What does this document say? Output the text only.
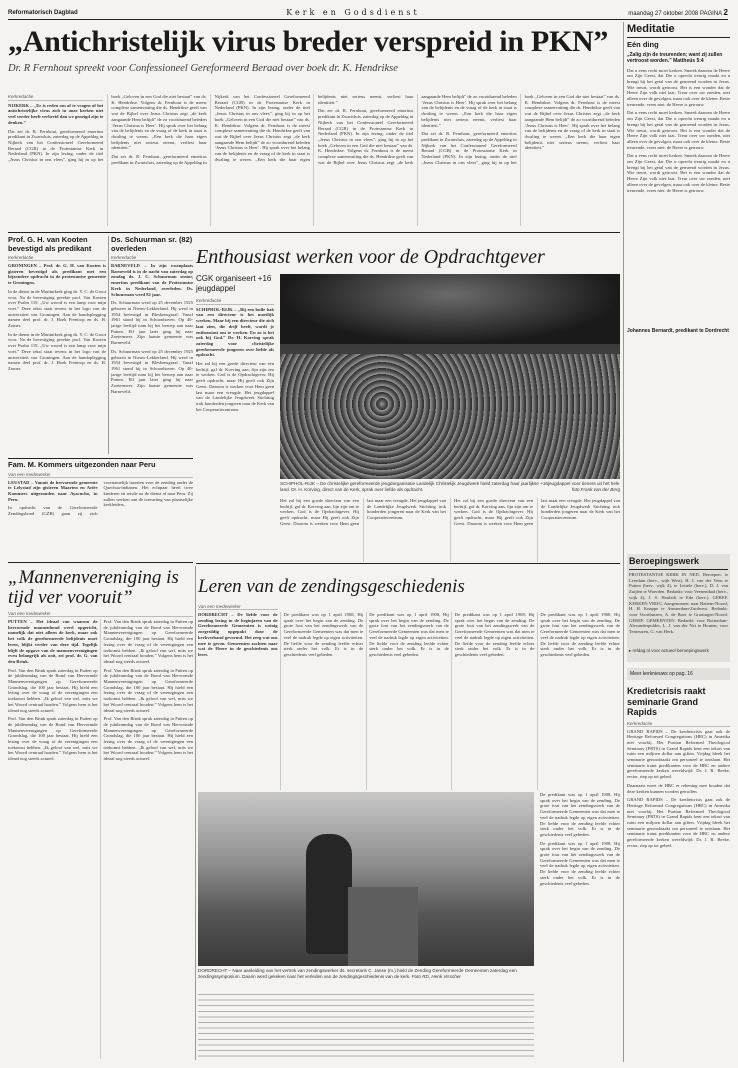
Reformatorisch Dagblad	Kerk en Godsdienst	maandag 27 oktober 2008 PAGINA 2
„Antichristelijk virus breder verspreid in PKN”
Dr. R Fernhout spreekt voor Confessioneel Gereformeerd Beraad over boek dr. K. Hendrikse
Kerkredactie

NIJKERK – „Er is reden om af te vragen of het antichristelijke virus zich in onze kerken niet veel verder heeft verbreid dan we geneigd zijn te denken.”

Dat zei dr. R. Fernhout, gereformeerd emeritus predikant in Zwartsluis, zaterdag op de Appeldag in Nijkerk van het Confessioneel Gereformeerd Beraad (CGB) in de Protestantse Kerk in Nederland (PKN). In zijn lezing, onder de titel „Jezus Christus in ons vlees”, ging hij in op het boek „Geloven in een God die niet bestaat” van ds. K. Hendrikse. Volgens dr. Fernhout is de meest complexe samenvatting die ds. Hendrikse geeft van wat de Bijbel over Jezus Christus zegt „de kerk aangaande Hem belijdt” de zo voortdurend beleden ‘Jezus Christus is Heer’. Hij sprak over het belang van de belijdenis en de vraag of de kerk in staat is dwaling te weren. „Een kerk die haar eigen belijdenis niet serieus neemt, verliest haar identiteit.”

Dat zei dr. R. Fernhout, gereformeerd emeritus predikant in Zwartsluis, zaterdag op de Appeldag in Nijkerk van het Confessioneel Gereformeerd Beraad (CGB) in de Protestantse Kerk in Nederland (PKN). In zijn lezing, onder de titel „Jezus Christus in ons vlees”, ging hij in op het boek „Geloven in een God die niet bestaat” van ds. K. Hendrikse. Volgens dr. Fernhout is de meest complexe samenvatting die ds. Hendrikse geeft van wat de Bijbel over Jezus Christus zegt „de kerk aangaande Hem belijdt” de zo voortdurend beleden ‘Jezus Christus is Heer’. Hij sprak over het belang van de belijdenis en de vraag of de kerk in staat is dwaling te weren. „Een kerk die haar eigen belijdenis niet serieus neemt, verliest haar identiteit.”

Dat zei dr. R. Fernhout, gereformeerd emeritus predikant in Zwartsluis, zaterdag op de Appeldag in Nijkerk van het Confessioneel Gereformeerd Beraad (CGB) in de Protestantse Kerk in Nederland (PKN). In zijn lezing, onder de titel „Jezus Christus in ons vlees”, ging hij in op het boek „Geloven in een God die niet bestaat” van ds. K. Hendrikse. Volgens dr. Fernhout is de meest complexe samenvatting die ds. Hendrikse geeft van wat de Bijbel over Jezus Christus zegt „de kerk aangaande Hem belijdt” de zo voortdurend beleden ‘Jezus Christus is Heer’. Hij sprak over het belang van de belijdenis en de vraag of de kerk in staat is dwaling te weren. „Een kerk die haar eigen belijdenis niet serieus neemt, verliest haar identiteit.”

Dat zei dr. R. Fernhout, gereformeerd emeritus predikant in Zwartsluis, zaterdag op de Appeldag in Nijkerk van het Confessioneel Gereformeerd Beraad (CGB) in de Protestantse Kerk in Nederland (PKN). In zijn lezing, onder de titel „Jezus Christus in ons vlees”, ging hij in op het boek „Geloven in een God die niet bestaat” van ds. K. Hendrikse. Volgens dr. Fernhout is de meest complexe samenvatting die ds. Hendrikse geeft van wat de Bijbel over Jezus Christus zegt „de kerk aangaande Hem belijdt” de zo voortdurend beleden ‘Jezus Christus is Heer’. Hij sprak over het belang van de belijdenis en de vraag of de kerk in staat is dwaling te weren. „Een kerk die haar eigen belijdenis niet serieus neemt, verliest haar identiteit.”

Prof. G. H. van Kooten bevestigd als predikant
Kerkredactie

GRONINGEN – Prof. dr. G. H. van Kooten is gisteren bevestigd als predikant met een bijzondere opdracht in de protestantse gemeente te Groningen.

In de dienst in de Martinikerk ging ds. Y. C. de Groot voor. Na de bevestiging preekte prof. Van Kooten over Psalm 119. „Uw woord is een lamp voor mijn voet.” Deze tekst staat tevens in het logo van de universiteit van Groningen. Aan de handoplegging namen deel prof. dr. J. Hoek Frentrop en ds. H. Zomer.

In de dienst in de Martinikerk ging ds. Y. C. de Groot voor. Na de bevestiging preekte prof. Van Kooten over Psalm 119. „Uw woord is een lamp voor mijn voet.” Deze tekst staat tevens in het logo van de universiteit van Groningen. Aan de handoplegging namen deel prof. dr. J. Hoek Frentrop en ds. H. Zomer.

Ds. Schuurman sr. (82) overleden
Kerkredactie

BARNEVELD – In zijn woonplaats Barneveld is in de nacht van zaterdag op zondag ds. J. C. Schuurman senior, emeritus predikant van de Protestantse Kerk in Nederland, overleden. Ds. Schuurman werd 82 jaar.

Ds. Schuurman werd op 25 december 1925 geboren in Nieuw-Lekkerland. Hij werd in 1954 bevestigd in Bleskensgraaf. Vanaf 1961 stond hij in Schoonhoven. Op 40-jarige leeftijd nam hij het beroep aan naar Putten. Elf jaar later ging hij naar Zoetermeer. Zijn laatste gemeente was Barneveld.

Ds. Schuurman werd op 25 december 1925 geboren in Nieuw-Lekkerland. Hij werd in 1954 bevestigd in Bleskensgraaf. Vanaf 1961 stond hij in Schoonhoven. Op 40-jarige leeftijd nam hij het beroep aan naar Putten. Elf jaar later ging hij naar Zoetermeer. Zijn laatste gemeente was Barneveld.

Fam. M. Kommers uitgezonden naar Peru
Van een medewerker

LEUSTAD – Vanuit de hervormde gemeente te Lelystad zijn gisteren Maarten en Ariëe Kommers uitgezonden naar Ayacucho, in Peru.

In opdracht van de Gereformeerde Zendingsbond (GZB) gaan zij zich voornamelijk inzetten voor de zending onder de Quechua-indianen. Het echtpaar heeft twee kinderen en reisde na de dienst af naar Peru. Zij zullen werken aan de toerusting van plaatselijke kerkleiders.

Enthousiast werken voor de Opdrachtgever
CGK organiseert +16 jeugdappel
Kerkredactie

SCHIPHOL-RIJK – „Bij een bulle bak van een directeur is het moeilijk werken. Maar bij een directeur die zich laat zien, die drijf heeft, wordt je enthousiast om te werken. En zo is het ook bij God.” Dr. H. Korving sprak zaterdag voor christelijke gereformeerde jongeren over liefde als opdracht.

Het zal bij een goede directeur van een bedrijf, gaf dr. Korving aan, fijn zijn om te werken. God is de Opdrachtgever. Hij geeft opdracht, maar Hij geeft ook Zijn Geest. Daarom is werken voor Hem geen last maar een vreugde. Het jeugdappel van de Landelijke Jeugdwerk Stichting trok honderden jongeren naar de Kerk van het Cooperatiecentrum.

SCHIPHOL-RIJK – De christelijke gereformeerde jeugdorganisatie Landelijk Christelijk Jeugdwerk hield zaterdag haar jaarlijkse +16jeugdappel voor tieners uit het hele land. Dr. H. Korving, direct van de Kerk, sprak over liefde als opdracht.	foto Frank van der Berg

Het zal bij een goede directeur van een bedrijf, gaf dr. Korving aan, fijn zijn om te werken. God is de Opdrachtgever. Hij geeft opdracht, maar Hij geeft ook Zijn Geest. Daarom is werken voor Hem geen last maar een vreugde. Het jeugdappel van de Landelijke Jeugdwerk Stichting trok honderden jongeren naar de Kerk van het Cooperatiecentrum.

Het zal bij een goede directeur van een bedrijf, gaf dr. Korving aan, fijn zijn om te werken. God is de Opdrachtgever. Hij geeft opdracht, maar Hij geeft ook Zijn Geest. Daarom is werken voor Hem geen last maar een vreugde. Het jeugdappel van de Landelijke Jeugdwerk Stichting trok honderden jongeren naar de Kerk van het Cooperatiecentrum.

„Mannenvereniging is tijd ver vooruit”
Van een medewerker

PUTTEN – Het ideaal van waarom de hervormde mannenbond werd opgericht, namelijk dat niet alleen de kerk, maar ook het volk de gereformeerde belijdenis moet leren, blijkt verder van deze tijd. Tegelijk blijft de opgave van de mannenverenigingen even belangrijk als ooit, zei prof. dr. G. van den Brink.

Prof. Van den Brink sprak zaterdag in Putten op de jubileumdag van de Bond van Hervormde Mannenverenigingen op Gereformeerde Grondslag, die 100 jaar bestaat. Hij hield een lezing over de vraag of de verenigingen een toekomst hebben. „Ik geloof van wel, mits we het Woord centraal houden.” Volgens hem is het ideaal nog steeds actueel.

Prof. Van den Brink sprak zaterdag in Putten op de jubileumdag van de Bond van Hervormde Mannenverenigingen op Gereformeerde Grondslag, die 100 jaar bestaat. Hij hield een lezing over de vraag of de verenigingen een toekomst hebben. „Ik geloof van wel, mits we het Woord centraal houden.” Volgens hem is het ideaal nog steeds actueel.

Prof. Van den Brink sprak zaterdag in Putten op de jubileumdag van de Bond van Hervormde Mannenverenigingen op Gereformeerde Grondslag, die 100 jaar bestaat. Hij hield een lezing over de vraag of de verenigingen een toekomst hebben. „Ik geloof van wel, mits we het Woord centraal houden.” Volgens hem is het ideaal nog steeds actueel.

Prof. Van den Brink sprak zaterdag in Putten op de jubileumdag van de Bond van Hervormde Mannenverenigingen op Gereformeerde Grondslag, die 100 jaar bestaat. Hij hield een lezing over de vraag of de verenigingen een toekomst hebben. „Ik geloof van wel, mits we het Woord centraal houden.” Volgens hem is het ideaal nog steeds actueel.

Prof. Van den Brink sprak zaterdag in Putten op de jubileumdag van de Bond van Hervormde Mannenverenigingen op Gereformeerde Grondslag, die 100 jaar bestaat. Hij hield een lezing over de vraag of de verenigingen een toekomst hebben. „Ik geloof van wel, mits we het Woord centraal houden.” Volgens hem is het ideaal nog steeds actueel.

Leren van de zendingsgeschiedenis
Van een medewerker

DORDRECHT – De liefde voor de zending lezing in de beginjaren van de Gereformeerde Gemeenten is weinig zorgvuldig opgepakt door de kerkverband gevormd. Het zeeg wat ons mee te geven. Gemeenten zochten naar wat de Heere in de geschiedenis ons leert.

De predikant was op 1 april 1908, Hij sprak over het begin van de zending. De grote fout van het zendingswerk van de Gereformeerde Gemeenten was dat men te veel de nadruk legde op eigen activiteiten. De liefde voor de zending leefde echter sterk onder het volk. Er is in de geschiedenis veel gebeden.

De predikant was op 1 april 1908, Hij sprak over het begin van de zending. De grote fout van het zendingswerk van de Gereformeerde Gemeenten was dat men te veel de nadruk legde op eigen activiteiten. De liefde voor de zending leefde echter sterk onder het volk. Er is in de geschiedenis veel gebeden.

De predikant was op 1 april 1908, Hij sprak over het begin van de zending. De grote fout van het zendingswerk van de Gereformeerde Gemeenten was dat men te veel de nadruk legde op eigen activiteiten. De liefde voor de zending leefde echter sterk onder het volk. Er is in de geschiedenis veel gebeden.

De predikant was op 1 april 1908, Hij sprak over het begin van de zending. De grote fout van het zendingswerk van de Gereformeerde Gemeenten was dat men te veel de nadruk legde op eigen activiteiten. De liefde voor de zending leefde echter sterk onder het volk. Er is in de geschiedenis veel gebeden.

De predikant was op 1 april 1908, Hij sprak over het begin van de zending. De grote fout van het zendingswerk van de Gereformeerde Gemeenten was dat men te veel de nadruk legde op eigen activiteiten. De liefde voor de zending leefde echter sterk onder het volk. Er is in de geschiedenis veel gebeden.

De predikant was op 1 april 1908, Hij sprak over het begin van de zending. De grote fout van het zendingswerk van de Gereformeerde Gemeenten was dat men te veel de nadruk legde op eigen activiteiten. De liefde voor de zending leefde echter sterk onder het volk. Er is in de geschiedenis veel gebeden.

DORDRECHT – Naar aanleiding van het vertrek van zendingswerker ds. secretaris C. Janse (m.) hield de Zending Gereformeerde Gemeenten zaterdag een zendingssymposium. Daarin werd gekeken naar het verleden van de zendingsgeschiedenis van de kerk. Foto RD, Henk Visscher
Meditatie
Eén ding
„Zalig zijn de treurenden; want zij zullen vertroost worden.” Mattheüs 5:4

Dat u eens recht moet kerken. Smeek daarom de Heere om Zijn Geest, dat Die u oprecht treurig maakt en u brengt bij het getal van de gemeend worden in Jezus. Wie treurt, wordt getroost. Het is een wonder dat de Heere Zijn volk niet laat. Treur over uw zonden, niet alleen over de gevolgen, maar ook over de kleine. Beste treurende, vrees niet: de Heere is getrouw.

Dat u eens recht moet kerken. Smeek daarom de Heere om Zijn Geest, dat Die u oprecht treurig maakt en u brengt bij het getal van de gemeend worden in Jezus. Wie treurt, wordt getroost. Het is een wonder dat de Heere Zijn volk niet laat. Treur over uw zonden, niet alleen over de gevolgen, maar ook over de kleine. Beste treurende, vrees niet: de Heere is getrouw.

Dat u eens recht moet kerken. Smeek daarom de Heere om Zijn Geest, dat Die u oprecht treurig maakt en u brengt bij het getal van de gemeend worden in Jezus. Wie treurt, wordt getroost. Het is een wonder dat de Heere Zijn volk niet laat. Treur over uw zonden, niet alleen over de gevolgen, maar ook over de kleine. Beste treurende, vrees niet: de Heere is getrouw.

Johannes Bernardt, predikant te Dordrecht
Beroepingswerk

PROTESTANTSE KERK IN NED. Beroepen: te Leerdam (herv., wijk West), H. J. van der Veen te Putten (herv., wijk 4), te Lettele (herv.), D. J. van Zuijlen te Woerden. Bedankt: voor Veenendaal (herv., wijk 4), J. S. Houbolt te Ede (herv.). GEREF. KERKEN VRIJG. Aangenomen: naar Hattem-Noord, H. H. Knappe te Amsterdam-Zuidwest. Bedankt: voor Voorthuizen, A. de Boer te Groningen-Noord. GEREF. GEMEENTEN. Bedankt: voor Rotterdam-Alexanderpolder, L. J. van der Net te Houten; voor Terneuzen, G. van Herk.

▸ refdag.nl voor actueel beroepingswerk
Meer kerknieuws op pag. 16
Kredietcrisis raakt seminarie Grand Rapids
Kerkredactie

GRAND RAPIDS – De kredietcrisis gaat ook de Heritage Reformed Congregations (HRC) in Amerika niet voorbij. Het Puritan Reformed Theological Seminary (PRTS) in Grand Rapids kent een tekort van ruim een miljoen dollar aan giften. Vrijdag bleek het seminarie genoodzaakt om personeel te ontslaan. Het seminarie traint predikanten voor de HRC en andere gereformeerde kerken wereldwijd. Dr. J. R. Beeke, rector, riep op tot gebed.

Daarnaast moet de HRC er rekening mee houden dat deze kerken kunnen worden getroffen.

GRAND RAPIDS – De kredietcrisis gaat ook de Heritage Reformed Congregations (HRC) in Amerika niet voorbij. Het Puritan Reformed Theological Seminary (PRTS) in Grand Rapids kent een tekort van ruim een miljoen dollar aan giften. Vrijdag bleek het seminarie genoodzaakt om personeel te ontslaan. Het seminarie traint predikanten voor de HRC en andere gereformeerde kerken wereldwijd. Dr. J. R. Beeke, rector, riep op tot gebed.
